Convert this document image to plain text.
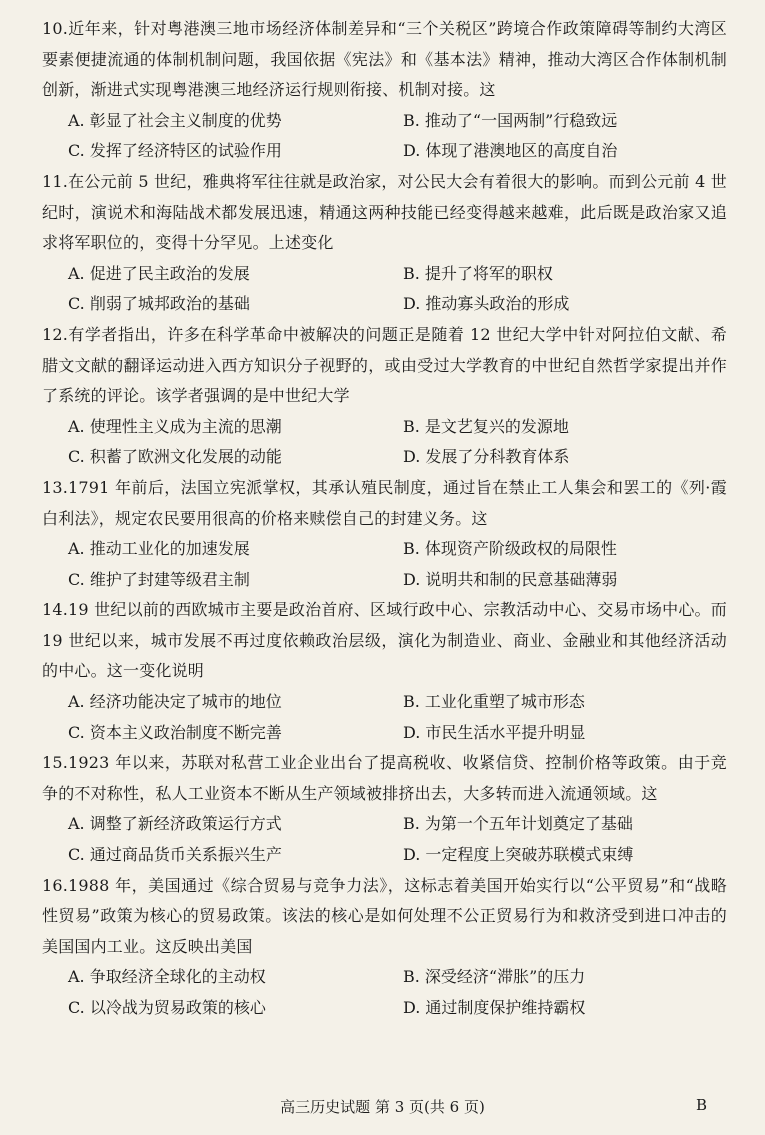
10.近年来，针对粤港澳三地市场经济体制差异和“三个关税区”跨境合作政策障碍等制约大湾区要素便捷流通的体制机制问题，我国依据《宪法》和《基本法》精神，推动大湾区合作体制机制创新，渐进式实现粤港澳三地经济运行规则衔接、机制对接。这
A. 彰显了社会主义制度的优势	B. 推动了“一国两制”行稳致远
C. 发挥了经济特区的试验作用	D. 体现了港澳地区的高度自治
11.在公元前 5 世纪，雅典将军往往就是政治家，对公民大会有着很大的影响。而到公元前 4 世纪时，演说术和海陆战术都发展迅速，精通这两种技能已经变得越来越难，此后既是政治家又追求将军职位的，变得十分罕见。上述变化
A. 促进了民主政治的发展	B. 提升了将军的职权
C. 削弱了城邦政治的基础	D. 推动寡头政治的形成
12.有学者指出，许多在科学革命中被解决的问题正是随着 12 世纪大学中针对阿拉伯文献、希腊文文献的翻译运动进入西方知识分子视野的，或由受过大学教育的中世纪自然哲学家提出并作了系统的评论。该学者强调的是中世纪大学
A. 使理性主义成为主流的思潮	B. 是文艺复兴的发源地
C. 积蓄了欧洲文化发展的动能	D. 发展了分科教育体系
13.1791 年前后，法国立宪派掌权，其承认殖民制度，通过旨在禁止工人集会和罢工的《列·霞白利法》，规定农民要用很高的价格来赎偿自己的封建义务。这
A. 推动工业化的加速发展	B. 体现资产阶级政权的局限性
C. 维护了封建等级君主制	D. 说明共和制的民意基础薄弱
14.19 世纪以前的西欧城市主要是政治首府、区域行政中心、宗教活动中心、交易市场中心。而 19 世纪以来，城市发展不再过度依赖政治层级，演化为制造业、商业、金融业和其他经济活动的中心。这一变化说明
A. 经济功能决定了城市的地位	B. 工业化重塑了城市形态
C. 资本主义政治制度不断完善	D. 市民生活水平提升明显
15.1923 年以来，苏联对私营工业企业出台了提高税收、收紧信贷、控制价格等政策。由于竞争的不对称性，私人工业资本不断从生产领域被排挤出去，大多转而进入流通领域。这
A. 调整了新经济政策运行方式	B. 为第一个五年计划奠定了基础
C. 通过商品货币关系振兴生产	D. 一定程度上突破苏联模式束缚
16.1988 年，美国通过《综合贸易与竞争力法》，这标志着美国开始实行以“公平贸易”和“战略性贸易”政策为核心的贸易政策。该法的核心是如何处理不公正贸易行为和救济受到进口冲击的美国国内工业。这反映出美国
A. 争取经济全球化的主动权	B. 深受经济“滞胀”的压力
C. 以冷战为贸易政策的核心	D. 通过制度保护维持霸权
高三历史试题 第 3 页(共 6 页)	B
